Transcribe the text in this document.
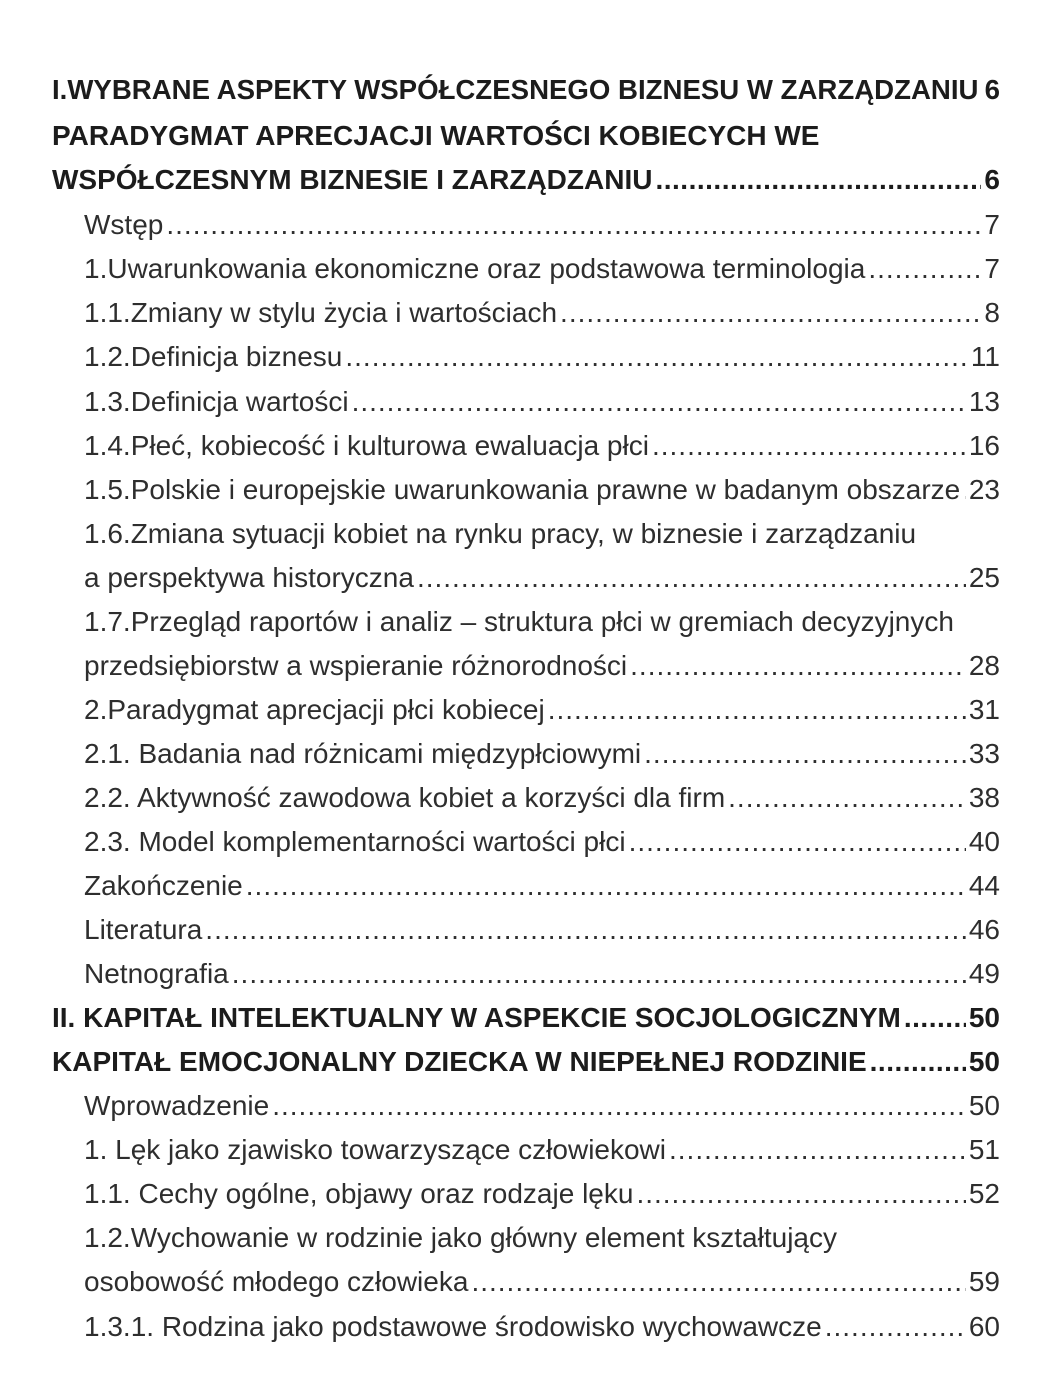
I.WYBRANE ASPEKTY WSPÓŁCZESNEGO BIZNESU W ZARZĄDZANIU 6
PARADYGMAT APRECJACJI WARTOŚCI KOBIECYCH WE
WSPÓŁCZESNYM BIZNESIE I ZARZĄDZANIU .....	6
Wstęp .....	7
1.Uwarunkowania ekonomiczne oraz podstawowa terminologia .....	7
1.1.Zmiany w stylu życia i wartościach .....	8
1.2.Definicja biznesu .....	11
1.3.Definicja wartości .....	13
1.4.Płeć, kobiecość i kulturowa ewaluacja płci .....	16
1.5.Polskie i europejskie uwarunkowania prawne w badanym obszarze ..... 23
1.6.Zmiana sytuacji kobiet na rynku pracy, w biznesie i zarządzaniu
a perspektywa historyczna .....	25
1.7.Przegląd raportów i analiz – struktura płci w gremiach decyzyjnych
przedsiębiorstw a wspieranie różnorodności .....	28
2.Paradygmat aprecjacji płci kobiecej .....	31
2.1. Badania nad różnicami międzypłciowymi .....	33
2.2. Aktywność zawodowa kobiet a korzyści dla firm .....	38
2.3. Model komplementarności wartości płci .....	40
Zakończenie .....	44
Literatura .....	46
Netnografia .....	49
II. KAPITAŁ INTELEKTUALNY W ASPEKCIE SOCJOLOGICZNYM ..... 50
KAPITAŁ EMOCJONALNY DZIECKA W NIEPEŁNEJ RODZINIE .....	50
Wprowadzenie .....	50
1. Lęk jako zjawisko towarzyszące człowiekowi .....	51
1.1. Cechy ogólne, objawy oraz rodzaje lęku .....	52
1.2.Wychowanie w rodzinie jako główny element kształtujący
osobowość młodego człowieka .....	59
1.3.1. Rodzina jako podstawowe środowisko wychowawcze .....	60
